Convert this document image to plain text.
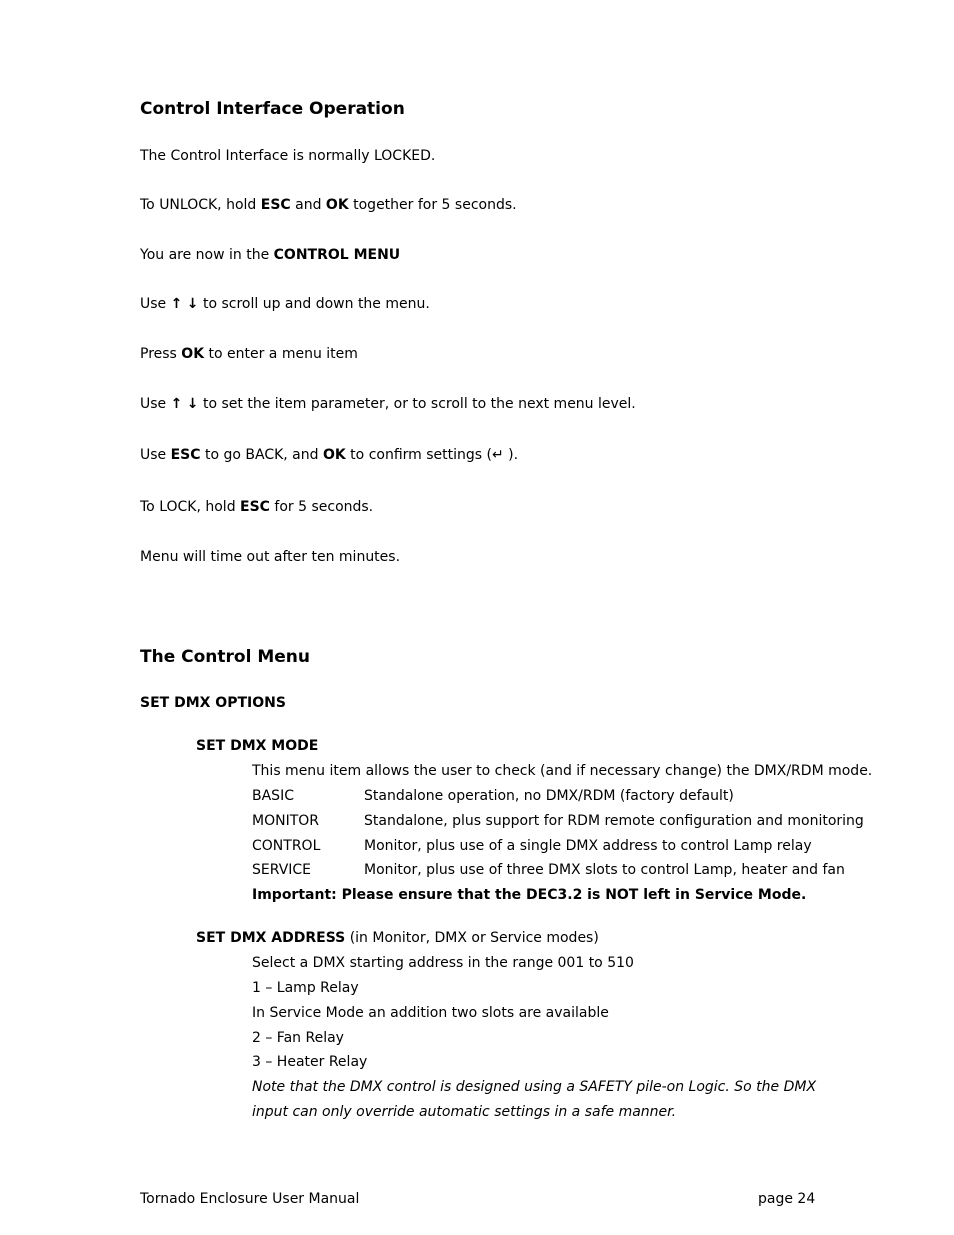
Control Interface Operation
The Control Interface is normally LOCKED.
To UNLOCK, hold ESC and OK together for 5 seconds.
You are now in the CONTROL MENU
Use ↑ ↓ to scroll up and down the menu.
Press OK to enter a menu item
Use ↑ ↓ to set the item parameter, or to scroll to the next menu level.
Use ESC to go BACK, and OK to confirm settings (↵ ).
To LOCK, hold ESC for 5 seconds.
Menu will time out after ten minutes.
The Control Menu
SET DMX OPTIONS
SET DMX MODE
This menu item allows the user to check (and if necessary change) the DMX/RDM mode.
BASIC	Standalone operation, no DMX/RDM (factory default)
MONITOR	Standalone, plus support for RDM remote configuration and monitoring
CONTROL	Monitor, plus use of a single DMX address to control Lamp relay
SERVICE	Monitor, plus use of three DMX slots to control Lamp, heater and fan
Important: Please ensure that the DEC3.2 is NOT left in Service Mode.
SET DMX ADDRESS (in Monitor, DMX or Service modes)
Select a DMX starting address in the range 001 to 510
1 – Lamp Relay
In Service Mode an addition two slots are available
2 – Fan Relay
3 – Heater Relay
Note that the DMX control is designed using a SAFETY pile-on Logic. So the DMX
input can only override automatic settings in a safe manner.
Tornado Enclosure User Manual	page 24
